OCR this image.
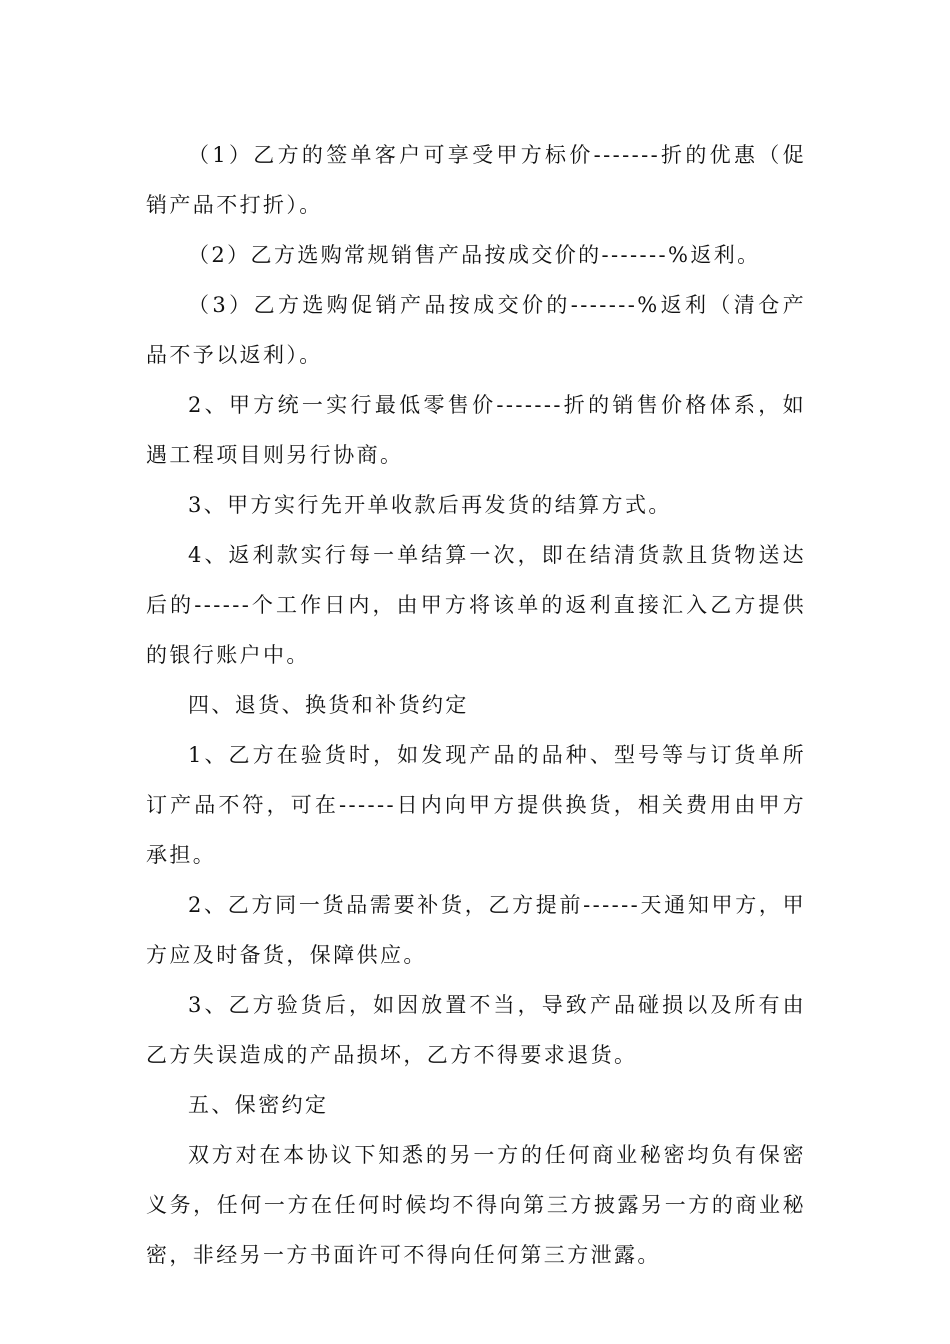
（1）乙方的签单客户可享受甲方标价-------折的优惠（促销产品不打折）。

（2）乙方选购常规销售产品按成交价的-------%返利。

（3）乙方选购促销产品按成交价的-------%返利（清仓产品不予以返利）。

2、甲方统一实行最低零售价-------折的销售价格体系，如遇工程项目则另行协商。

3、甲方实行先开单收款后再发货的结算方式。

4、返利款实行每一单结算一次，即在结清货款且货物送达后的------个工作日内，由甲方将该单的返利直接汇入乙方提供的银行账户中。

四、退货、换货和补货约定

1、乙方在验货时，如发现产品的品种、型号等与订货单所订产品不符，可在------日内向甲方提供换货，相关费用由甲方承担。

2、乙方同一货品需要补货，乙方提前------天通知甲方，甲方应及时备货，保障供应。

3、乙方验货后，如因放置不当，导致产品碰损以及所有由乙方失误造成的产品损坏，乙方不得要求退货。

五、保密约定

双方对在本协议下知悉的另一方的任何商业秘密均负有保密义务，任何一方在任何时候均不得向第三方披露另一方的商业秘密，非经另一方书面许可不得向任何第三方泄露。
